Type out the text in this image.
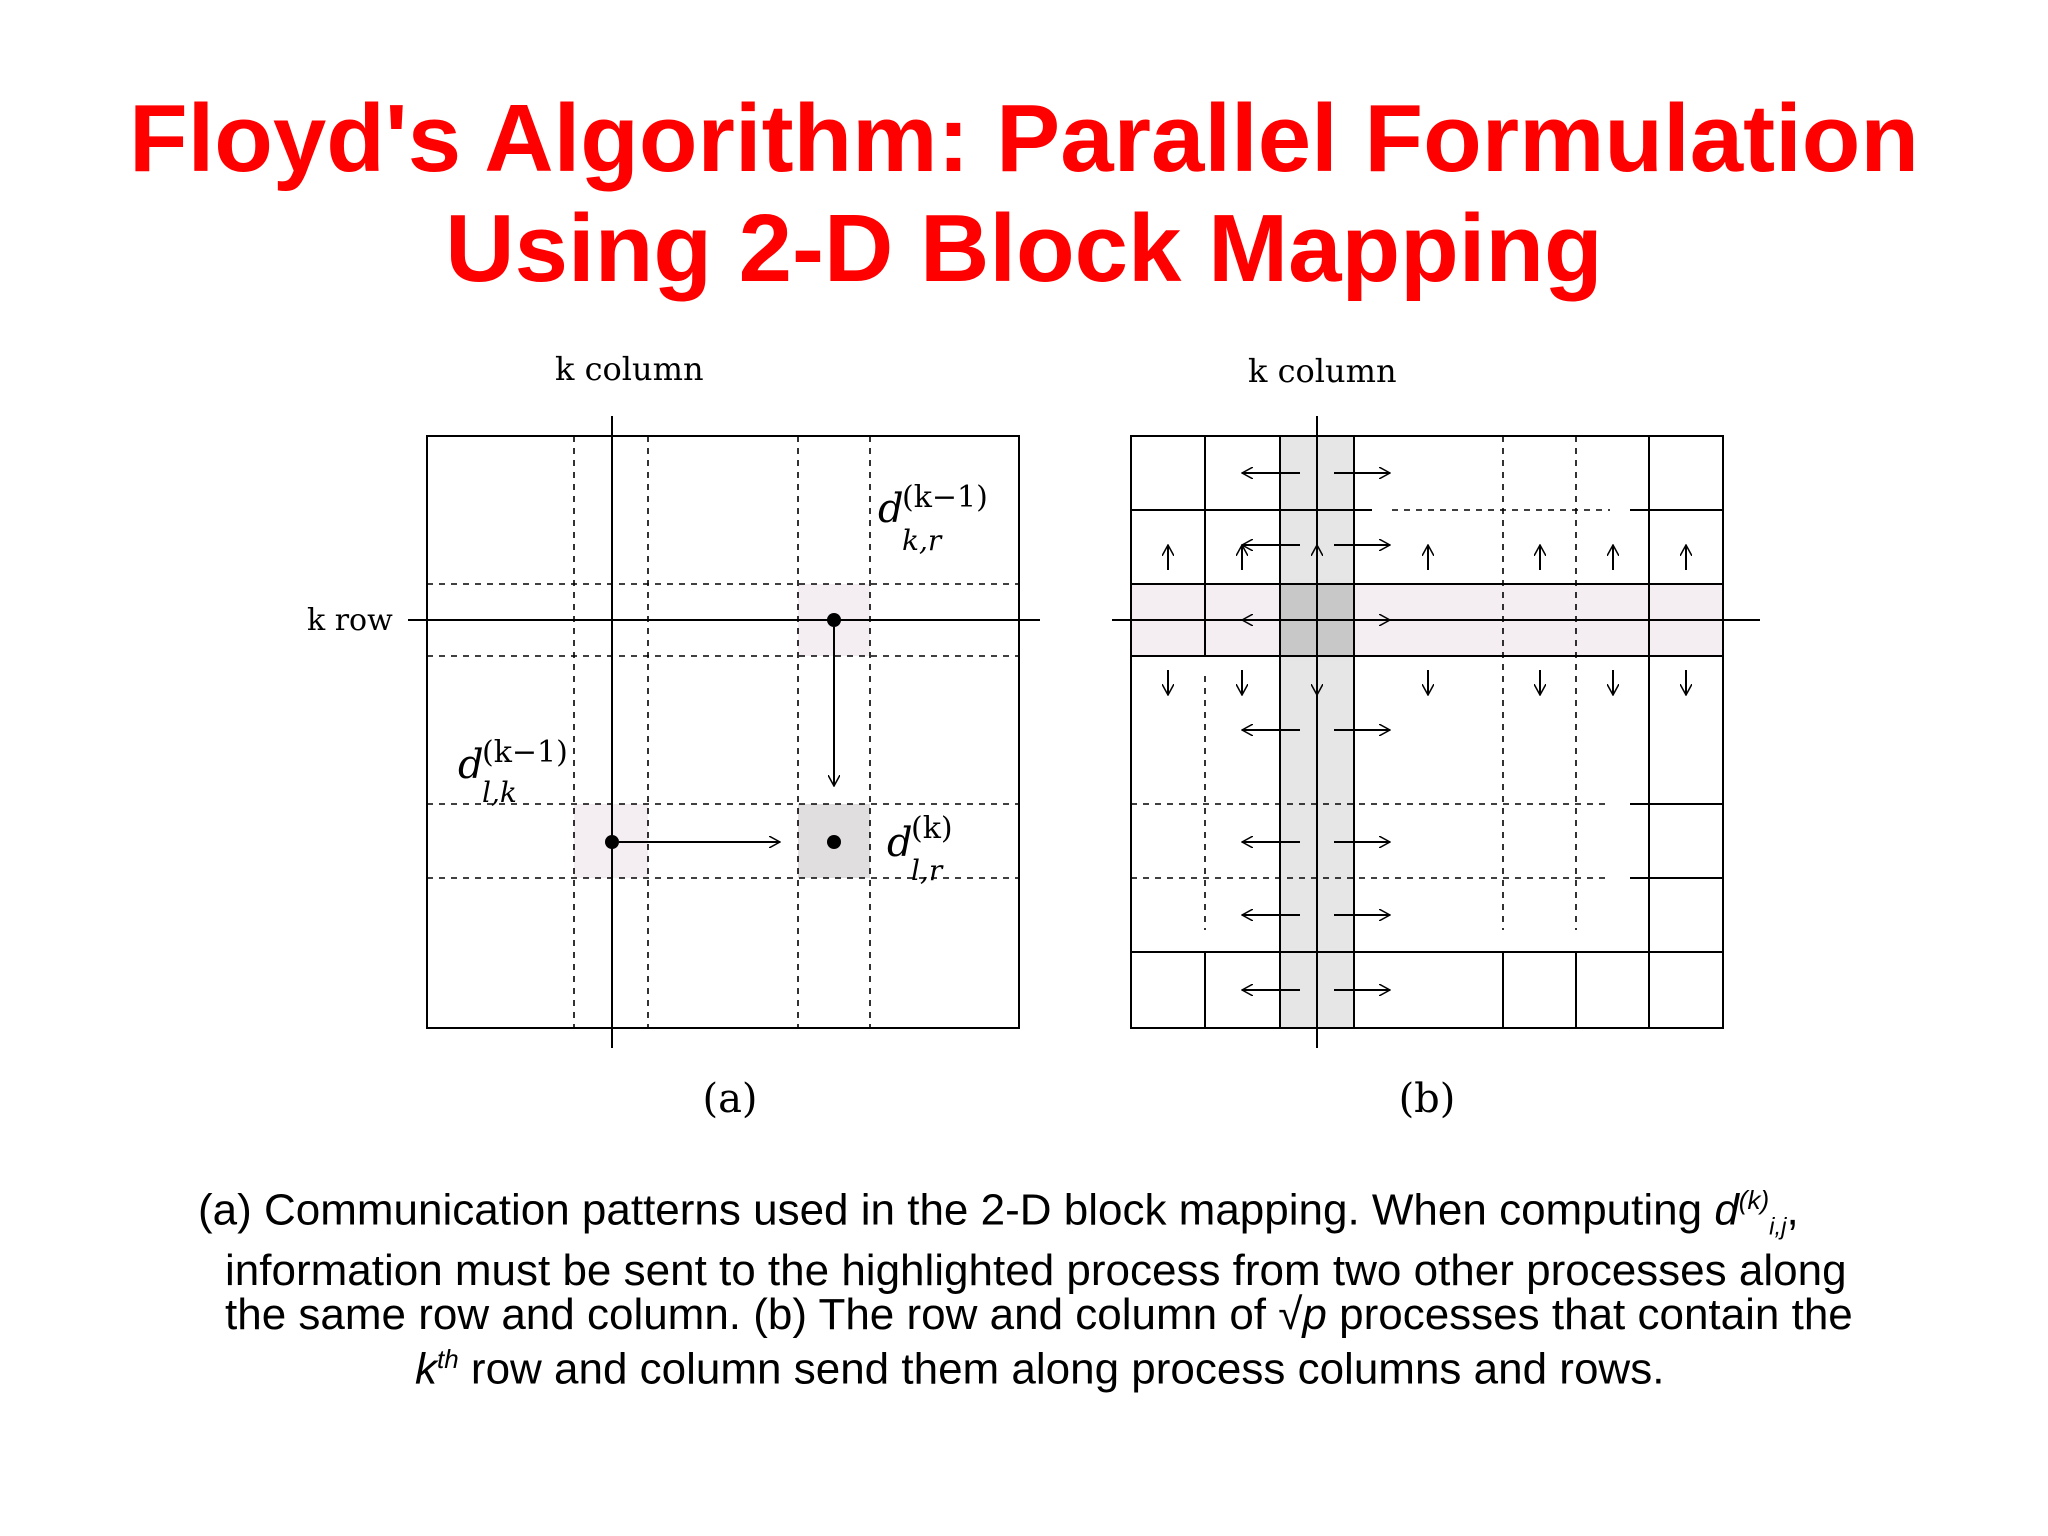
Floyd's Algorithm: Parallel Formulation
Using 2-D Block Mapping
k column
k row
d
(k−1)
k,r
d
(k−1)
l,k
d
(k)
l,r
(a)
k column
(b)
(a) Communication patterns used in the 2-D block mapping. When computing $d^{(k)}_{i,j}$,
information must be sent to the highlighted process from two other processes along
the same row and column. (b) The row and column of √p processes that contain the
$k^{th}$ row and column send them along process columns and rows.
